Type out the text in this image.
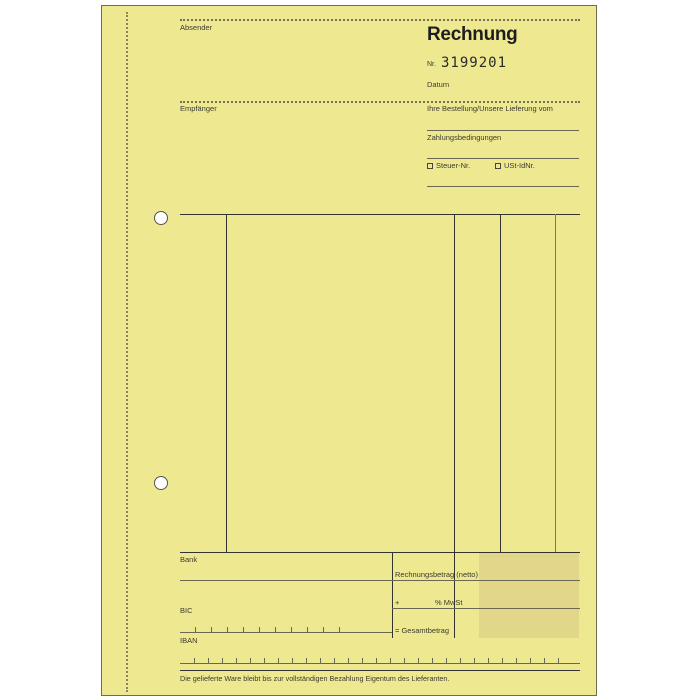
Absender	Rechnung
Nr. 3199201
Datum
Empfänger	Ihre Bestellung/Unsere Lieferung vom
Zahlungsbedingungen
Steuer-Nr.	USt-IdNr.
Bank
Rechnungsbetrag (netto)
+	% MwSt
BIC
= Gesamtbetrag
IBAN
Die gelieferte Ware bleibt bis zur vollständigen Bezahlung Eigentum des Lieferanten.
